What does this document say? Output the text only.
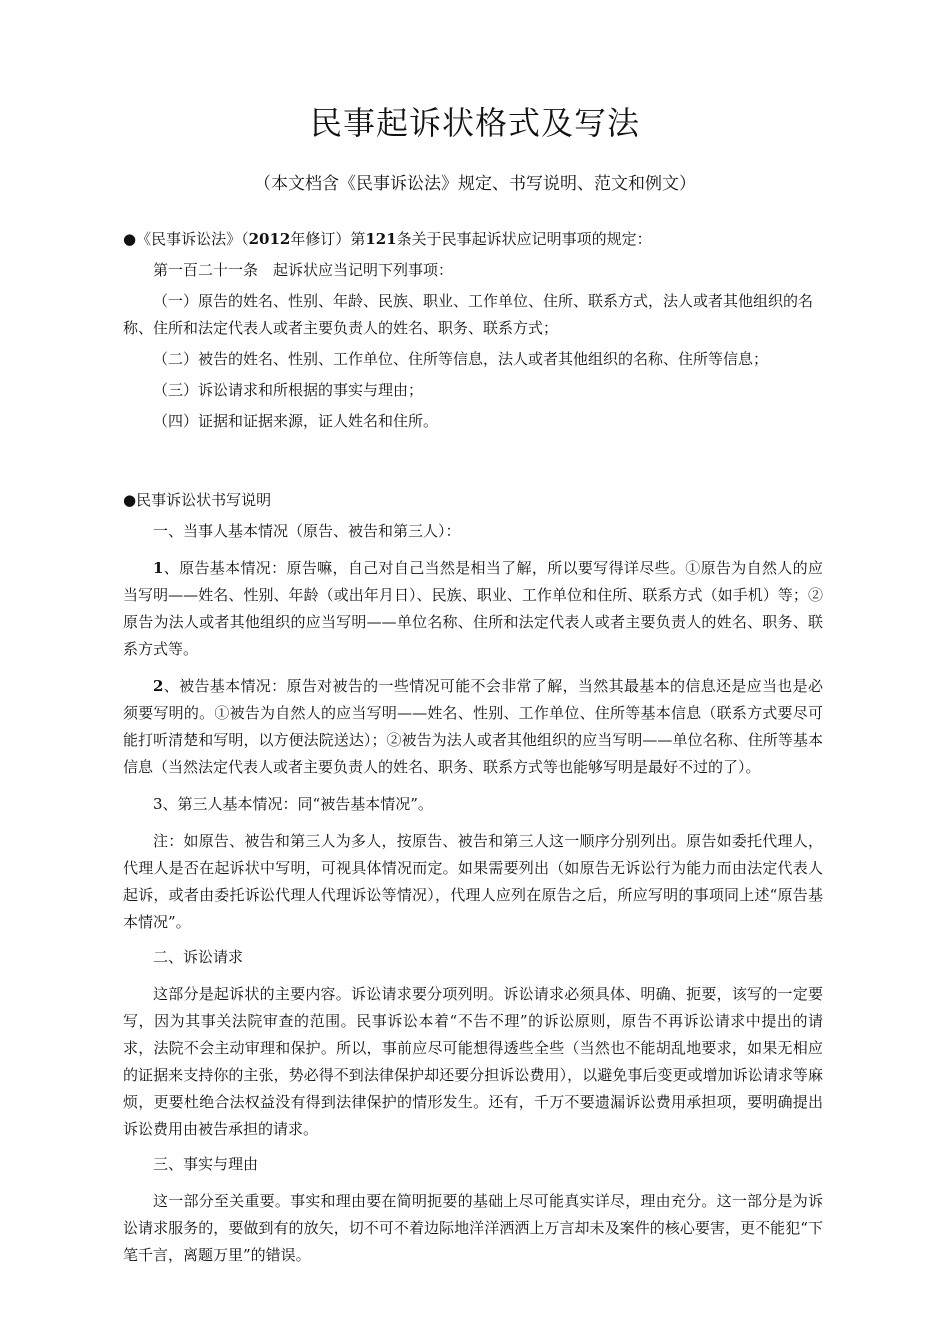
民事起诉状格式及写法

（本文档含《民事诉讼法》规定、书写说明、范文和例文）

●《民事诉讼法》（2012年修订）第121条关于民事起诉状应记明事项的规定：

第一百二十一条　起诉状应当记明下列事项：

（一）原告的姓名、性别、年龄、民族、职业、工作单位、住所、联系方式，法人或者其他组织的名称、住所和法定代表人或者主要负责人的姓名、职务、联系方式；

（二）被告的姓名、性别、工作单位、住所等信息，法人或者其他组织的名称、住所等信息；

（三）诉讼请求和所根据的事实与理由；

（四）证据和证据来源，证人姓名和住所。

●民事诉讼状书写说明

一、当事人基本情况（原告、被告和第三人）：

1、原告基本情况：原告嘛，自己对自己当然是相当了解，所以要写得详尽些。①原告为自然人的应当写明——姓名、性别、年龄（或出年月日）、民族、职业、工作单位和住所、联系方式（如手机）等；②原告为法人或者其他组织的应当写明——单位名称、住所和法定代表人或者主要负责人的姓名、职务、联系方式等。

2、被告基本情况：原告对被告的一些情况可能不会非常了解，当然其最基本的信息还是应当也是必须要写明的。①被告为自然人的应当写明——姓名、性别、工作单位、住所等基本信息（联系方式要尽可能打听清楚和写明，以方便法院送达）；②被告为法人或者其他组织的应当写明——单位名称、住所等基本信息（当然法定代表人或者主要负责人的姓名、职务、联系方式等也能够写明是最好不过的了）。

3、第三人基本情况：同“被告基本情况”。

注：如原告、被告和第三人为多人，按原告、被告和第三人这一顺序分别列出。原告如委托代理人，代理人是否在起诉状中写明，可视具体情况而定。如果需要列出（如原告无诉讼行为能力而由法定代表人起诉，或者由委托诉讼代理人代理诉讼等情况），代理人应列在原告之后，所应写明的事项同上述“原告基本情况”。

二、诉讼请求

这部分是起诉状的主要内容。诉讼请求要分项列明。诉讼请求必须具体、明确、扼要，该写的一定要写，因为其事关法院审查的范围。民事诉讼本着“不告不理”的诉讼原则，原告不再诉讼请求中提出的请求，法院不会主动审理和保护。所以，事前应尽可能想得透些全些（当然也不能胡乱地要求，如果无相应的证据来支持你的主张，势必得不到法律保护却还要分担诉讼费用），以避免事后变更或增加诉讼请求等麻烦，更要杜绝合法权益没有得到法律保护的情形发生。还有，千万不要遗漏诉讼费用承担项，要明确提出诉讼费用由被告承担的请求。

三、事实与理由

这一部分至关重要。事实和理由要在简明扼要的基础上尽可能真实详尽，理由充分。这一部分是为诉讼请求服务的，要做到有的放矢，切不可不着边际地洋洋洒洒上万言却未及案件的核心要害，更不能犯“下笔千言，离题万里”的错误。
